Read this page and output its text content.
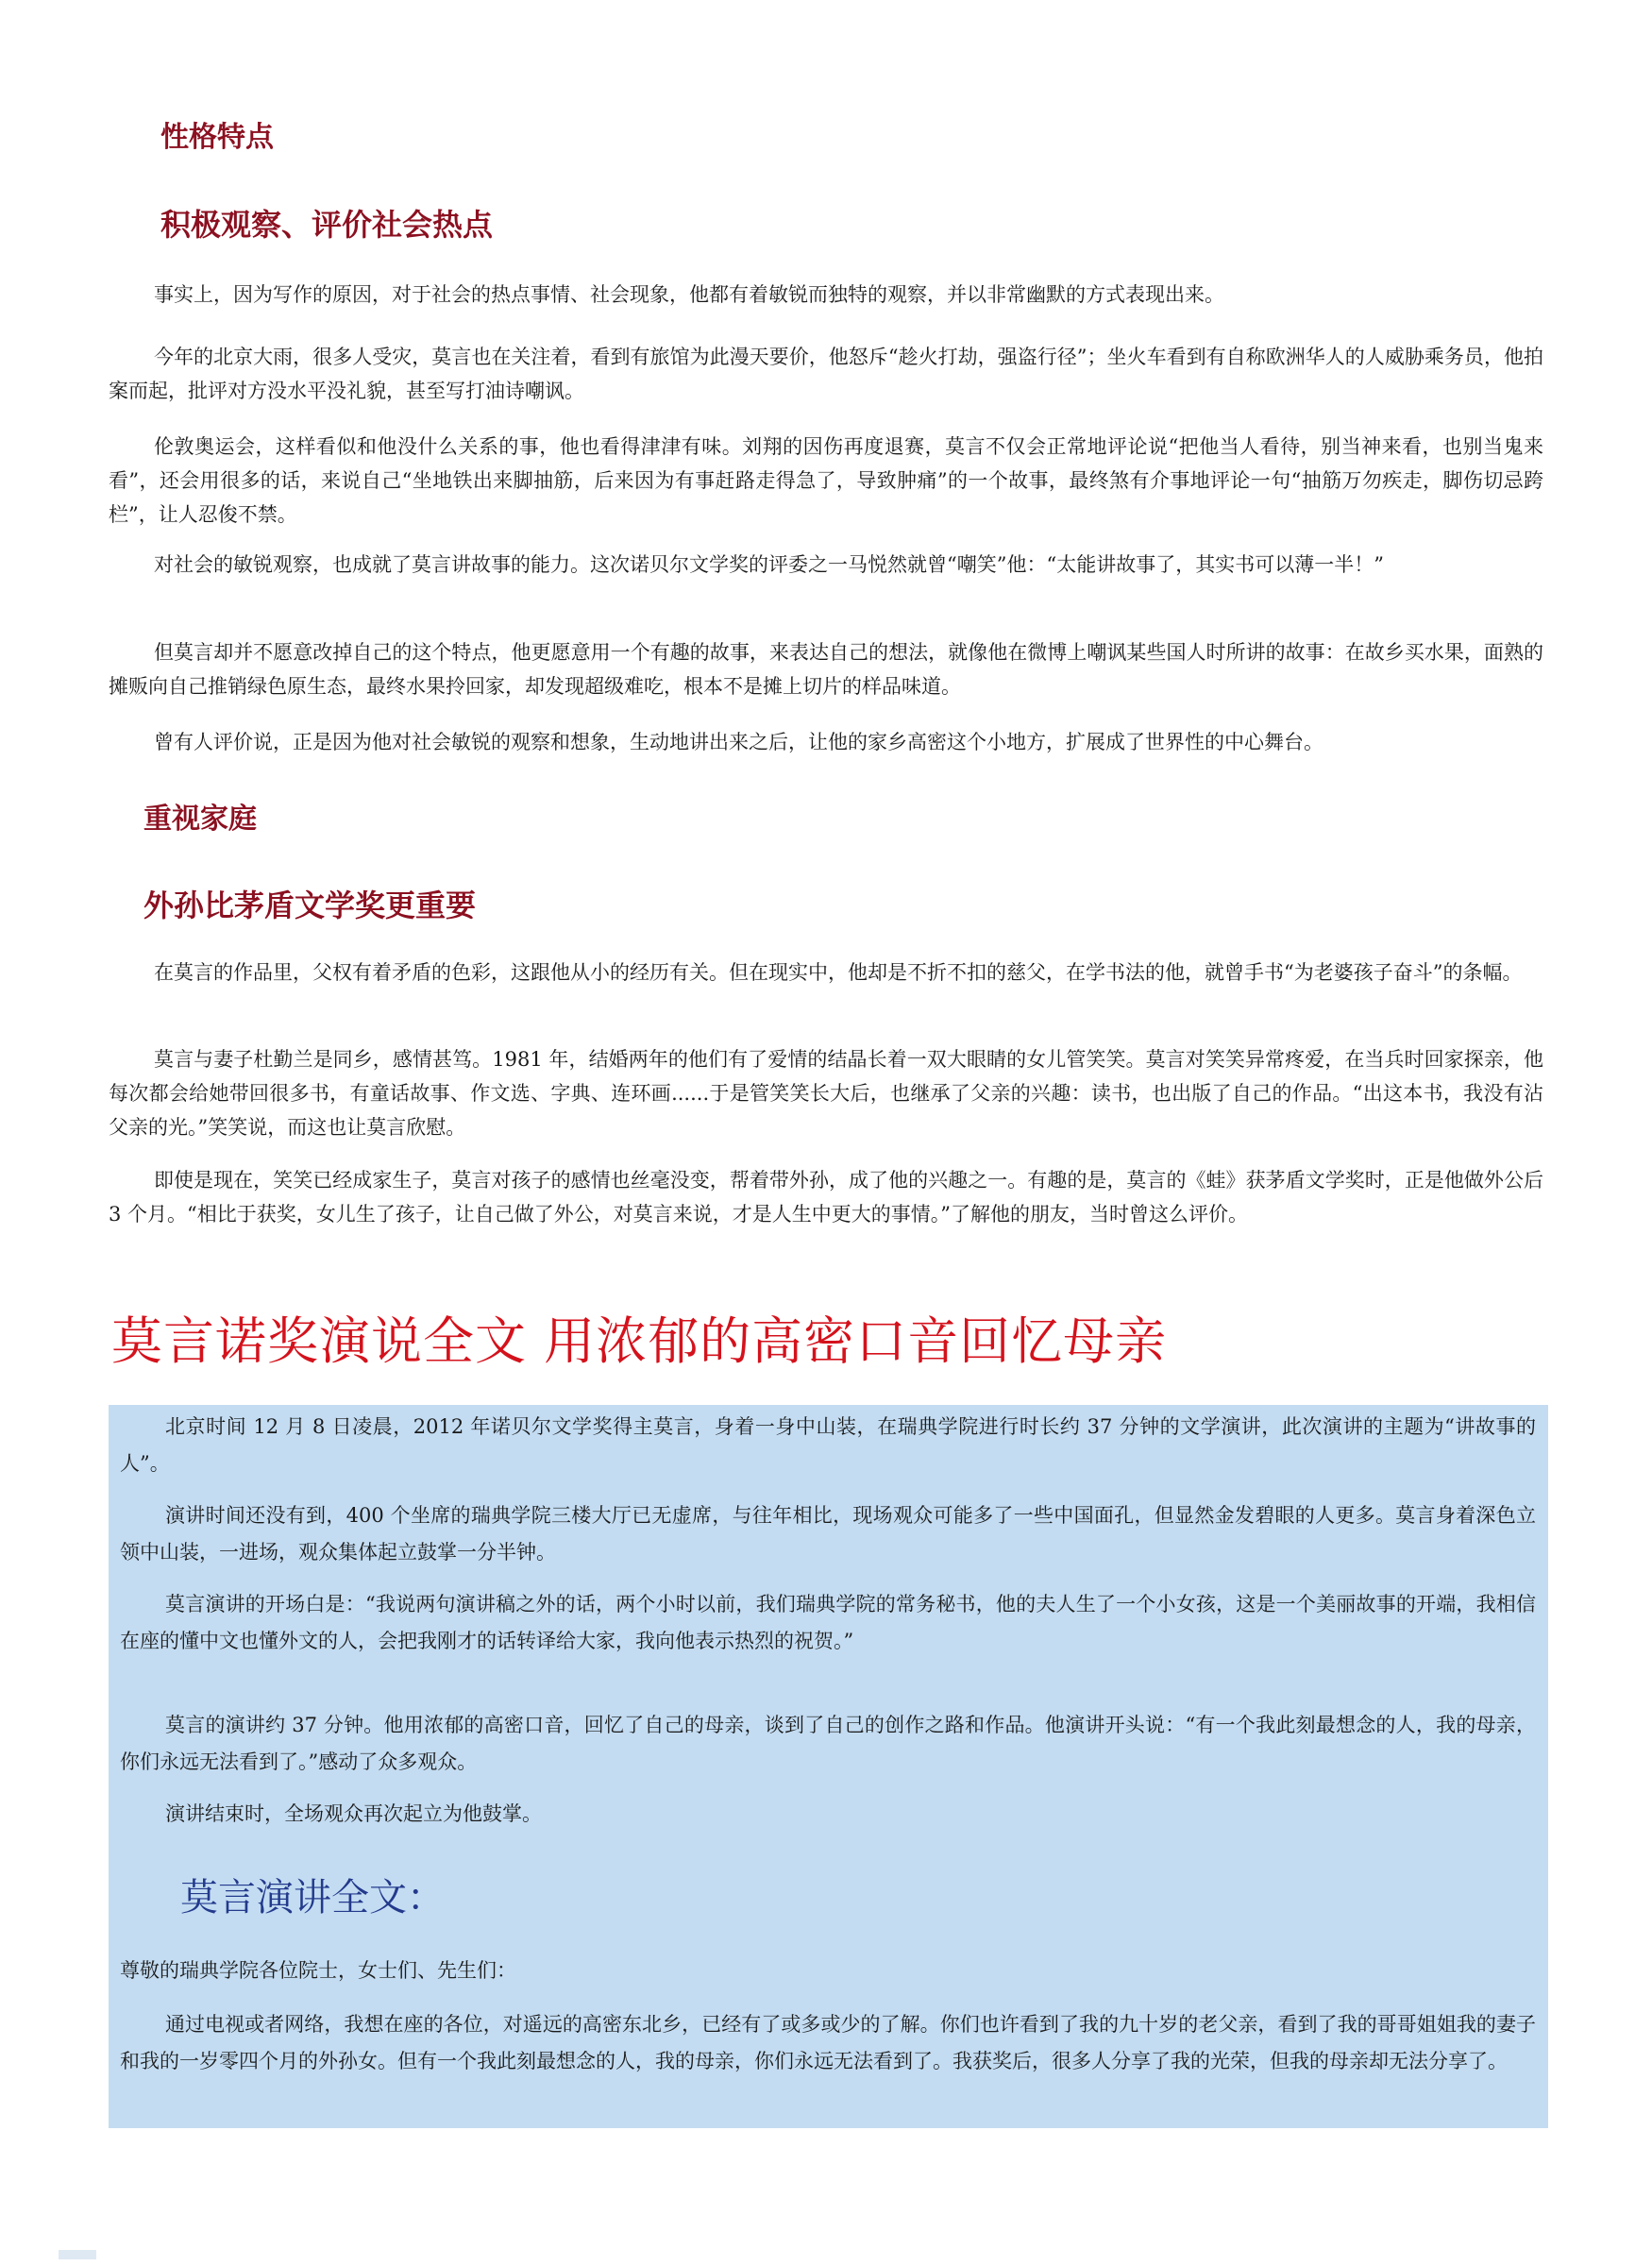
性格特点
积极观察、评价社会热点

事实上，因为写作的原因，对于社会的热点事情、社会现象，他都有着敏锐而独特的观察，并以非常幽默的方式表现出来。

今年的北京大雨，很多人受灾，莫言也在关注着，看到有旅馆为此漫天要价，他怒斥“趁火打劫，强盗行径”；坐火车看到有自称欧洲华人的人威胁乘务员，他拍案而起，批评对方没水平没礼貌，甚至写打油诗嘲讽。

伦敦奥运会，这样看似和他没什么关系的事，他也看得津津有味。刘翔的因伤再度退赛，莫言不仅会正常地评论说“把他当人看待，别当神来看，也别当鬼来看”，还会用很多的话，来说自己“坐地铁出来脚抽筋，后来因为有事赶路走得急了，导致肿痛”的一个故事，最终煞有介事地评论一句“抽筋万勿疾走，脚伤切忌跨栏”，让人忍俊不禁。

对社会的敏锐观察，也成就了莫言讲故事的能力。这次诺贝尔文学奖的评委之一马悦然就曾“嘲笑”他：“太能讲故事了，其实书可以薄一半！”

但莫言却并不愿意改掉自己的这个特点，他更愿意用一个有趣的故事，来表达自己的想法，就像他在微博上嘲讽某些国人时所讲的故事：在故乡买水果，面熟的摊贩向自己推销绿色原生态，最终水果拎回家，却发现超级难吃，根本不是摊上切片的样品味道。

曾有人评价说，正是因为他对社会敏锐的观察和想象，生动地讲出来之后，让他的家乡高密这个小地方，扩展成了世界性的中心舞台。

重视家庭
外孙比茅盾文学奖更重要

在莫言的作品里，父权有着矛盾的色彩，这跟他从小的经历有关。但在现实中，他却是不折不扣的慈父，在学书法的他，就曾手书“为老婆孩子奋斗”的条幅。

莫言与妻子杜勤兰是同乡，感情甚笃。1981 年，结婚两年的他们有了爱情的结晶长着一双大眼睛的女儿管笑笑。莫言对笑笑异常疼爱，在当兵时回家探亲，他每次都会给她带回很多书，有童话故事、作文选、字典、连环画......于是管笑笑长大后，也继承了父亲的兴趣：读书，也出版了自己的作品。“出这本书，我没有沾父亲的光。”笑笑说，而这也让莫言欣慰。

即使是现在，笑笑已经成家生子，莫言对孩子的感情也丝毫没变，帮着带外孙，成了他的兴趣之一。有趣的是，莫言的《蛙》获茅盾文学奖时，正是他做外公后 3 个月。“相比于获奖，女儿生了孩子，让自己做了外公，对莫言来说，才是人生中更大的事情。”了解他的朋友，当时曾这么评价。

莫言诺奖演说全文 用浓郁的高密口音回忆母亲

北京时间 12 月 8 日凌晨，2012 年诺贝尔文学奖得主莫言，身着一身中山装，在瑞典学院进行时长约 37 分钟的文学演讲，此次演讲的主题为“讲故事的人”。

演讲时间还没有到，400 个坐席的瑞典学院三楼大厅已无虚席，与往年相比，现场观众可能多了一些中国面孔，但显然金发碧眼的人更多。莫言身着深色立领中山装，一进场，观众集体起立鼓掌一分半钟。

莫言演讲的开场白是：“我说两句演讲稿之外的话，两个小时以前，我们瑞典学院的常务秘书，他的夫人生了一个小女孩，这是一个美丽故事的开端，我相信在座的懂中文也懂外文的人，会把我刚才的话转译给大家，我向他表示热烈的祝贺。”

莫言的演讲约 37 分钟。他用浓郁的高密口音，回忆了自己的母亲，谈到了自己的创作之路和作品。他演讲开头说：“有一个我此刻最想念的人，我的母亲，你们永远无法看到了。”感动了众多观众。

演讲结束时，全场观众再次起立为他鼓掌。

莫言演讲全文：

尊敬的瑞典学院各位院士，女士们、先生们：

通过电视或者网络，我想在座的各位，对遥远的高密东北乡，已经有了或多或少的了解。你们也许看到了我的九十岁的老父亲，看到了我的哥哥姐姐我的妻子和我的一岁零四个月的外孙女。但有一个我此刻最想念的人，我的母亲，你们永远无法看到了。我获奖后，很多人分享了我的光荣，但我的母亲却无法分享了。
